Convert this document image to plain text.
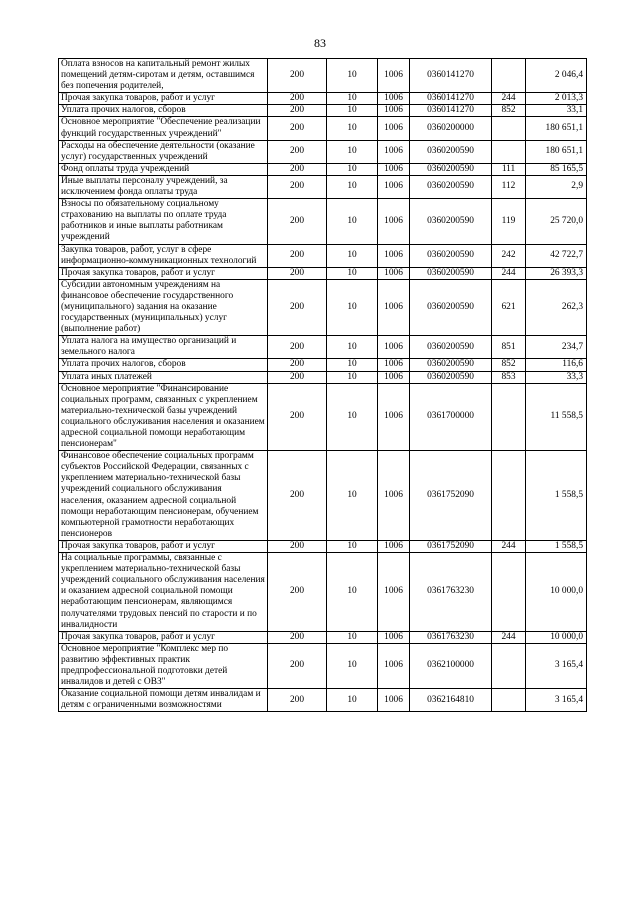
83
Оплата взносов на капитальный ремонт жилых помещений детям-сиротам и детям, оставшимся без попечения родителей,	200	10	1006	0360141270		2 046,4
Прочая закупка товаров, работ и услуг	200	10	1006	0360141270	244	2 013,3
Уплата прочих налогов, сборов	200	10	1006	0360141270	852	33,1
Основное мероприятие "Обеспечение реализации функций государственных учреждений"	200	10	1006	0360200000		180 651,1
Расходы на обеспечение деятельности (оказание услуг) государственных учреждений	200	10	1006	0360200590		180 651,1
Фонд оплаты труда учреждений	200	10	1006	0360200590	111	85 165,5
Иные выплаты персоналу учреждений, за исключением фонда оплаты труда	200	10	1006	0360200590	112	2,9
Взносы по обязательному социальному страхованию на выплаты по оплате труда работников и иные выплаты работникам учреждений	200	10	1006	0360200590	119	25 720,0
Закупка товаров, работ, услуг в сфере информационно-коммуникационных технологий	200	10	1006	0360200590	242	42 722,7
Прочая закупка товаров, работ и услуг	200	10	1006	0360200590	244	26 393,3
Субсидии автономным учреждениям на финансовое обеспечение государственного (муниципального) задания на оказание государственных (муниципальных) услуг (выполнение работ)	200	10	1006	0360200590	621	262,3
Уплата налога на имущество организаций и земельного налога	200	10	1006	0360200590	851	234,7
Уплата прочих налогов, сборов	200	10	1006	0360200590	852	116,6
Уплата иных платежей	200	10	1006	0360200590	853	33,3
Основное мероприятие "Финансирование социальных программ, связанных с укреплением материально-технической базы учреждений социального обслуживания населения и оказанием адресной социальной помощи неработающим пенсионерам"	200	10	1006	0361700000		11 558,5
Финансовое обеспечение социальных программ субъектов Российской Федерации, связанных с укреплением материально-технической базы учреждений социального обслуживания населения, оказанием адресной социальной помощи неработающим пенсионерам, обучением компьютерной грамотности неработающих пенсионеров	200	10	1006	0361752090		1 558,5
Прочая закупка товаров, работ и услуг	200	10	1006	0361752090	244	1 558,5
На социальные программы, связанные с укреплением материально-технической базы учреждений социального обслуживания населения и оказанием адресной социальной помощи неработающим пенсионерам, являющимся получателями трудовых пенсий по старости и по инвалидности	200	10	1006	0361763230		10 000,0
Прочая закупка товаров, работ и услуг	200	10	1006	0361763230	244	10 000,0
Основное мероприятие "Комплекс мер по развитию эффективных практик предпрофессиональной подготовки детей инвалидов и детей с ОВЗ"	200	10	1006	0362100000		3 165,4
Оказание социальной помощи детям инвалидам и детям с ограниченными возможностями	200	10	1006	0362164810		3 165,4
